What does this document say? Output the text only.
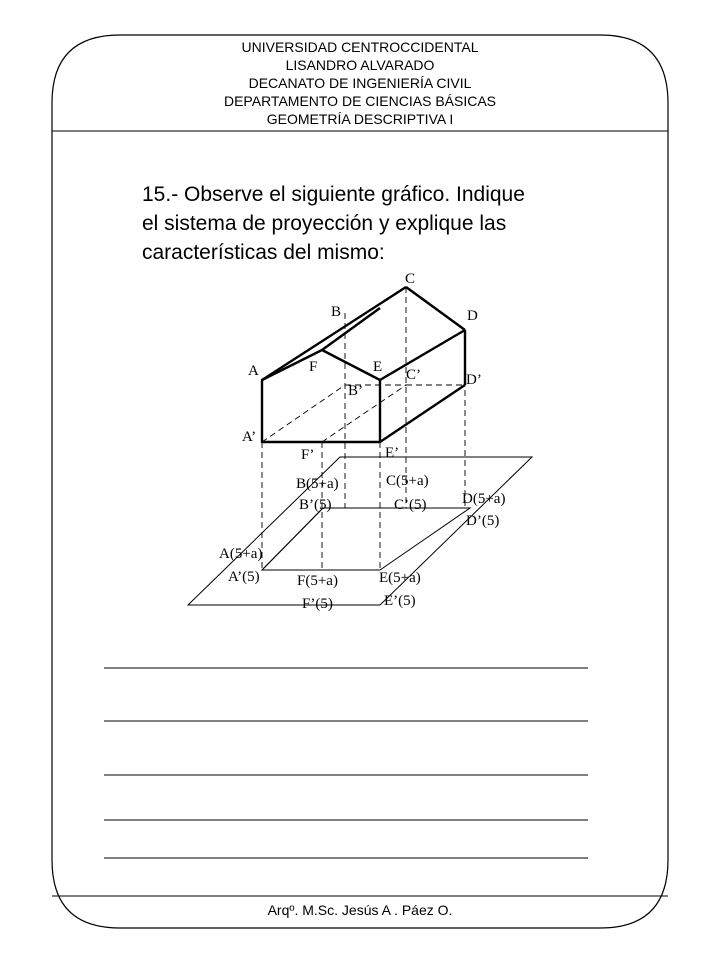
C
B	D
A	F	E C’
B’
D’
A’
F’	E’
B(5+a)	C(5+a)
B’(5)	C’(5) D(5+a)
D’(5)
A(5+a)
A’(5) F(5+a)	E(5+a)
F’(5)	E’(5)
UNIVERSIDAD CENTROCCIDENTAL
LISANDRO ALVARADO
DECANATO DE INGENIERÍA CIVIL
DEPARTAMENTO DE CIENCIAS BÁSICAS
GEOMETRÍA DESCRIPTIVA I
15.- Observe el siguiente gráfico. Indique
el sistema de proyección y explique las
características del mismo:
Arqº. M.Sc. Jesús A . Páez O.
